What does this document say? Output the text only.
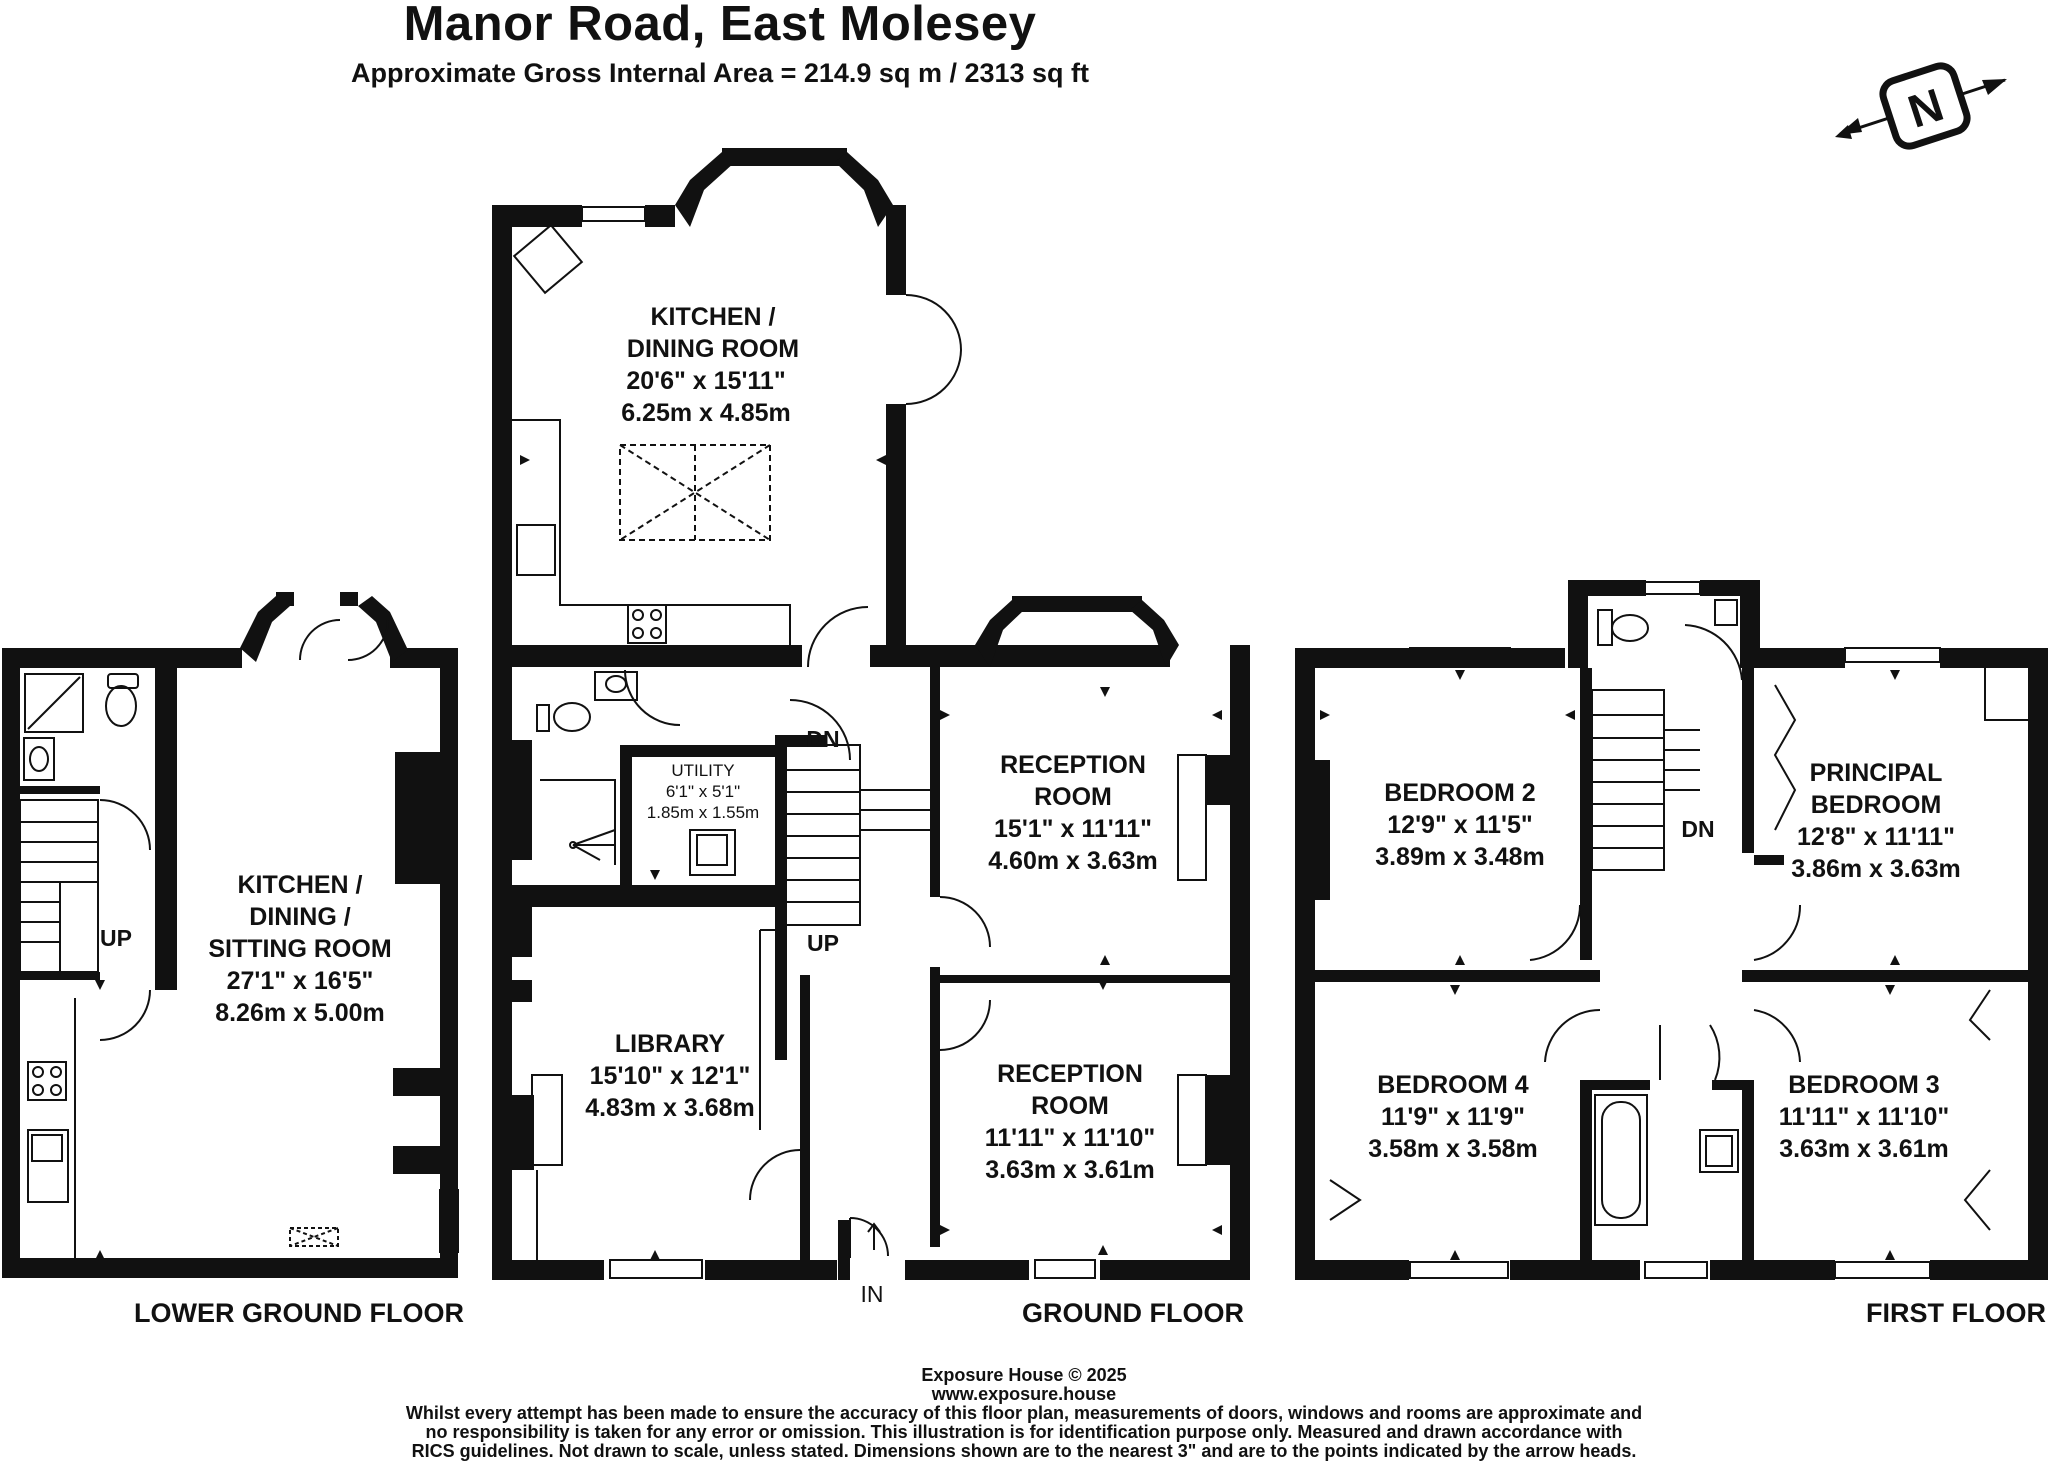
Manor Road, East Molesey
Approximate Gross Internal Area = 214.9 sq m / 2313 sq ft
N
KITCHEN /
DINING /
SITTING ROOM
27'1" x 16'5"
8.26m x 5.00m
UP
LOWER GROUND FLOOR
KITCHEN /
DINING ROOM
20'6" x 15'11"
6.25m x 4.85m
RECEPTION
ROOM
15'1" x 11'11"
4.60m x 3.63m
LIBRARY
15'10" x 12'1"
4.83m x 3.68m
RECEPTION
ROOM
11'11" x 11'10"
3.63m x 3.61m
UTILITY
6'1" x 5'1"
1.85m x 1.55m
DN
UP
IN
GROUND FLOOR
BEDROOM 2
12'9" x 11'5"
3.89m x 3.48m
PRINCIPAL
BEDROOM
12'8" x 11'11"
3.86m x 3.63m
BEDROOM 4
11'9" x 11'9"
3.58m x 3.58m
BEDROOM 3
11'11" x 11'10"
3.63m x 3.61m
DN
FIRST FLOOR
Exposure House © 2025
www.exposure.house
Whilst every attempt has been made to ensure the accuracy of this floor plan, measurements of doors, windows and rooms are approximate and
no responsibility is taken for any error or omission. This illustration is for identification purpose only. Measured and drawn accordance with
RICS guidelines. Not drawn to scale, unless stated. Dimensions shown are to the nearest 3" and are to the points indicated by the arrow heads.
